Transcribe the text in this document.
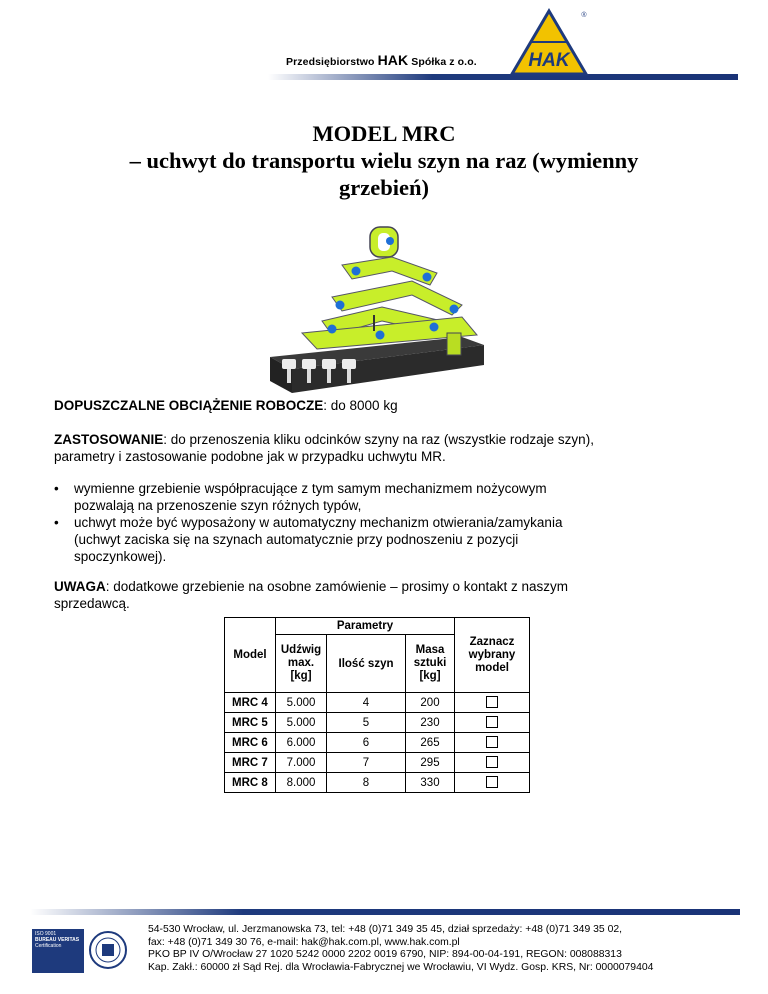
Przedsiębiorstwo HAK Spółka z o.o.	HAK
®
MODEL MRC
– uchwyt do transportu wielu szyn na raz (wymienny
grzebień)
DOPUSZCZALNE OBCIĄŻENIE ROBOCZE: do 8000 kg
ZASTOSOWANIE: do przenoszenia kliku odcinków szyny na raz (wszystkie rodzaje szyn),
parametry i zastosowanie podobne jak w przypadku uchwytu MR.
• wymienne grzebienie współpracujące z tym samym mechanizmem nożycowym
pozwalają na przenoszenie szyn różnych typów,
• uchwyt może być wyposażony w automatyczny mechanizm otwierania/zamykania
(uchwyt zaciska się na szynach automatycznie przy podnoszeniu z pozycji
spoczynkowej).
UWAGA: dodatkowe grzebienie na osobne zamówienie – prosimy o kontakt z naszym
sprzedawcą.
Model	Parametry			Zaznacz
wybrany
model
	Udźwig
max.
[kg]	Ilość szyn	Masa
sztuki
[kg]	
MRC 4	5.000	4	200	
MRC 5	5.000	5	230	
MRC 6	6.000	6	265	
MRC 7	7.000	7	295	
MRC 8	8.000	8	330	
ISO 9001
BUREAU VERITAS
Certification
54-530 Wrocław, ul. Jerzmanowska 73, tel: +48 (0)71 349 35 45, dział sprzedaży: +48 (0)71 349 35 02,
fax: +48 (0)71 349 30 76, e-mail: hak@hak.com.pl, www.hak.com.pl
PKO BP IV O/Wrocław 27 1020 5242 0000 2202 0019 6790, NIP: 894-00-04-191, REGON: 008088313
Kap. Zakł.: 60000 zł Sąd Rej. dla Wrocławia-Fabrycznej we Wrocławiu, VI Wydz. Gosp. KRS, Nr: 0000079404
